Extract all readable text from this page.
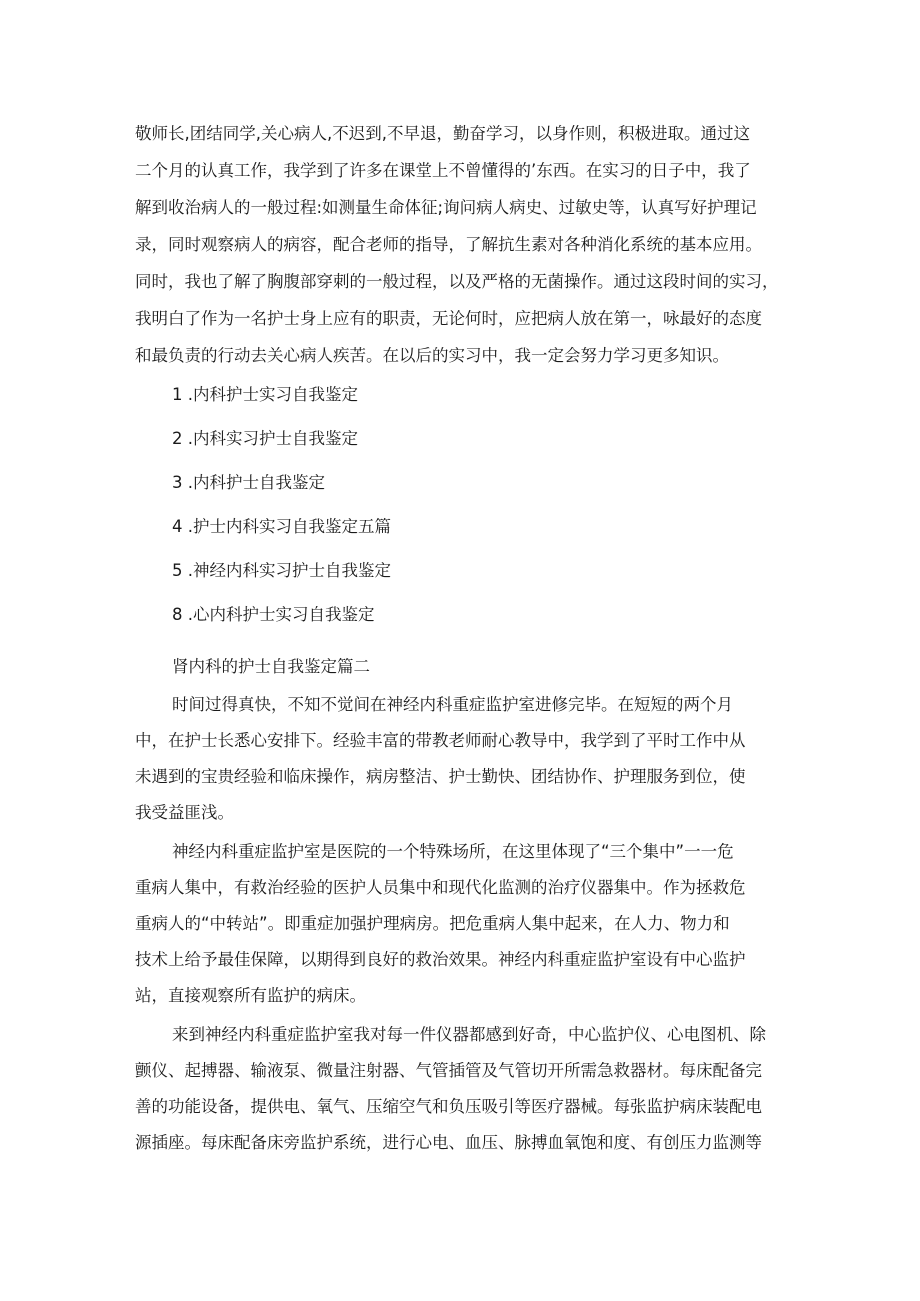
敬师长,团结同学,关心病人,不迟到,不早退，勤奋学习，以身作则，积极进取。通过这
二个月的认真工作，我学到了许多在课堂上不曾懂得的’东西。在实习的日子中，我了
解到收治病人的一般过程:如测量生命体征;询问病人病史、过敏史等，认真写好护理记
录，同时观察病人的病容，配合老师的指导，了解抗生素对各种消化系统的基本应用。
同时，我也了解了胸腹部穿刺的一般过程，以及严格的无菌操作。通过这段时间的实习，
我明白了作为一名护士身上应有的职责，无论何时，应把病人放在第一，咏最好的态度
和最负责的行动去关心病人疾苦。在以后的实习中，我一定会努力学习更多知识。
1 .内科护士实习自我鉴定
2 .内科实习护士自我鉴定
3 .内科护士自我鉴定
4 .护士内科实习自我鉴定五篇
5 .神经内科实习护士自我鉴定
8 .心内科护士实习自我鉴定
肾内科的护士自我鉴定篇二
时间过得真快，不知不觉间在神经内科重症监护室进修完毕。在短短的两个月
中，在护士长悉心安排下。经验丰富的带教老师耐心教导中，我学到了平时工作中从
未遇到的宝贵经验和临床操作，病房整洁、护士勤快、团结协作、护理服务到位，使
我受益匪浅。
神经内科重症监护室是医院的一个特殊场所，在这里体现了“三个集中”一一危
重病人集中，有救治经验的医护人员集中和现代化监测的治疗仪器集中。作为拯救危
重病人的“中转站”。即重症加强护理病房。把危重病人集中起来，在人力、物力和
技术上给予最佳保障，以期得到良好的救治效果。神经内科重症监护室设有中心监护
站，直接观察所有监护的病床。
来到神经内科重症监护室我对每一件仪器都感到好奇，中心监护仪、心电图机、除
颤仪、起搏器、输液泵、微量注射器、气管插管及气管切开所需急救器材。每床配备完
善的功能设备，提供电、氧气、压缩空气和负压吸引等医疗器械。每张监护病床装配电
源插座。每床配备床旁监护系统，进行心电、血压、脉搏血氧饱和度、有创压力监测等
